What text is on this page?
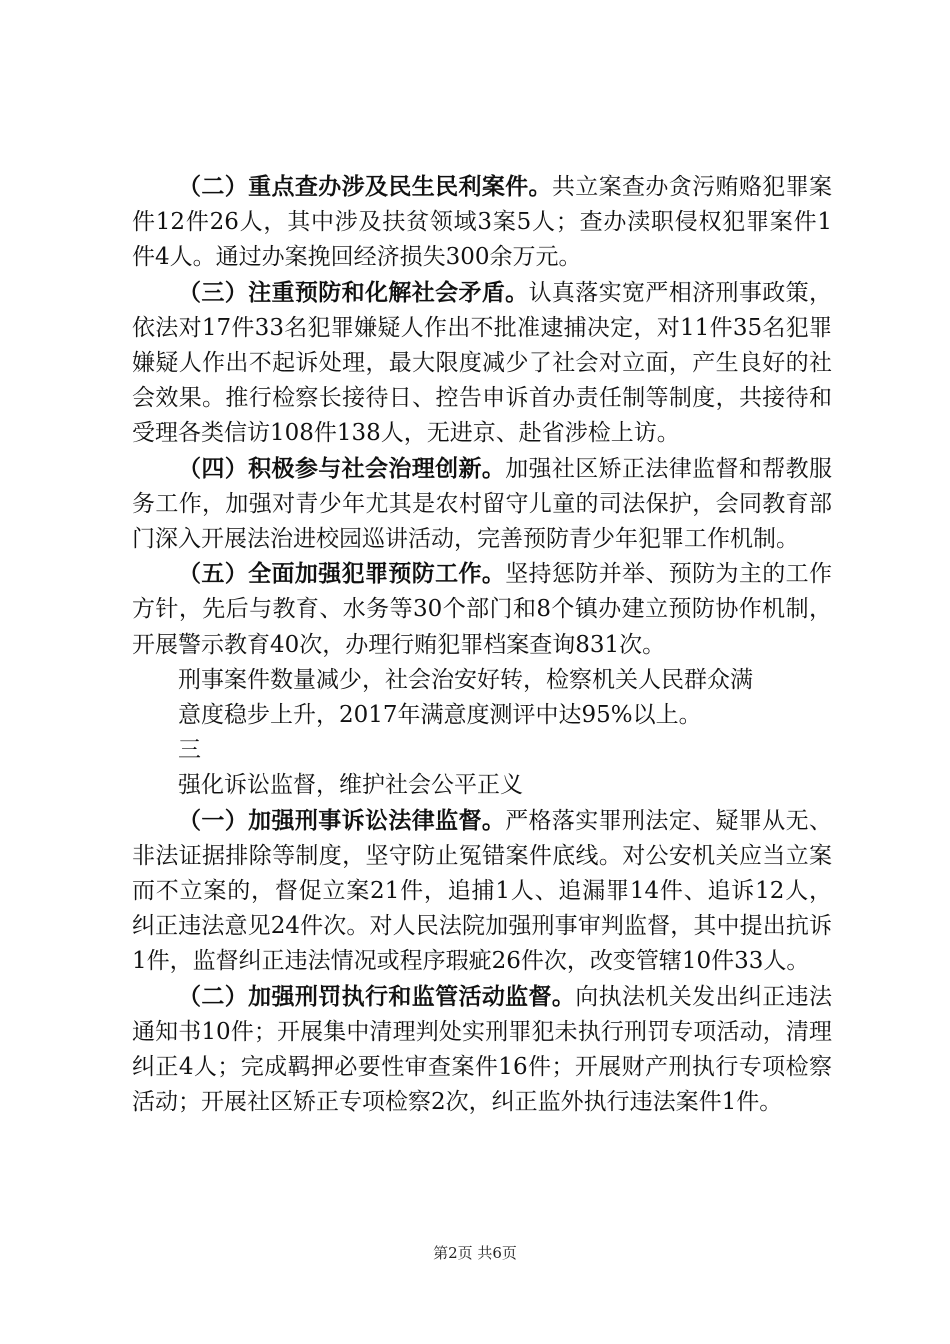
（二）重点查办涉及民生民利案件。共立案查办贪污贿赂犯罪案件12件26人，其中涉及扶贫领域3案5人；查办渎职侵权犯罪案件1件4人。通过办案挽回经济损失300余万元。

（三）注重预防和化解社会矛盾。认真落实宽严相济刑事政策，依法对17件33名犯罪嫌疑人作出不批准逮捕决定，对11件35名犯罪嫌疑人作出不起诉处理，最大限度减少了社会对立面，产生良好的社会效果。推行检察长接待日、控告申诉首办责任制等制度，共接待和受理各类信访108件138人，无进京、赴省涉检上访。

（四）积极参与社会治理创新。加强社区矫正法律监督和帮教服务工作，加强对青少年尤其是农村留守儿童的司法保护，会同教育部门深入开展法治进校园巡讲活动，完善预防青少年犯罪工作机制。

（五）全面加强犯罪预防工作。坚持惩防并举、预防为主的工作方针，先后与教育、水务等30个部门和8个镇办建立预防协作机制，开展警示教育40次，办理行贿犯罪档案查询831次。

刑事案件数量减少，社会治安好转，检察机关人民群众满

意度稳步上升，2017年满意度测评中达95%以上。

三

强化诉讼监督，维护社会公平正义

（一）加强刑事诉讼法律监督。严格落实罪刑法定、疑罪从无、非法证据排除等制度，坚守防止冤错案件底线。对公安机关应当立案而不立案的，督促立案21件，追捕1人、追漏罪14件、追诉12人，纠正违法意见24件次。对人民法院加强刑事审判监督，其中提出抗诉1件，监督纠正违法情况或程序瑕疵26件次，改变管辖10件33人。

（二）加强刑罚执行和监管活动监督。向执法机关发出纠正违法通知书10件；开展集中清理判处实刑罪犯未执行刑罚专项活动，清理纠正4人；完成羁押必要性审查案件16件；开展财产刑执行专项检察活动；开展社区矫正专项检察2次，纠正监外执行违法案件1件。

第2页 共6页
